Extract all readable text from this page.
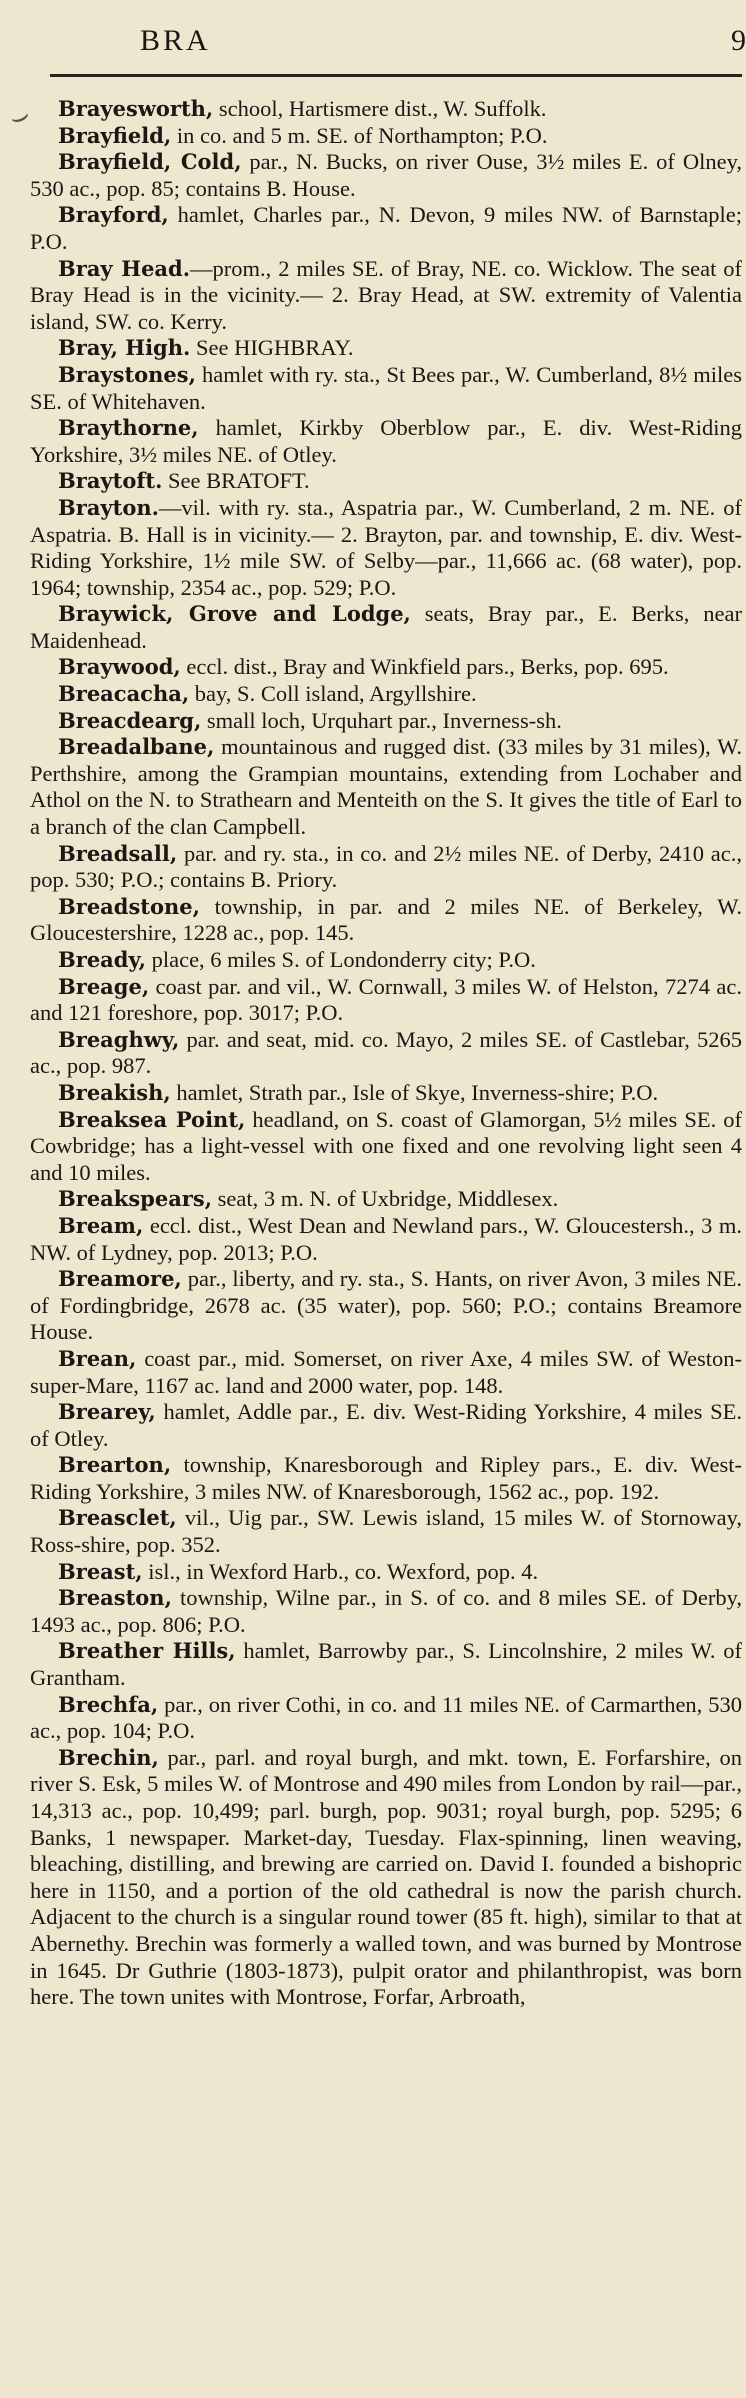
BRA	9
⌣	Brayesworth, school, Hartismere dist., W. Suffolk.

Brayfield, in co. and 5 m. SE. of Northampton; P.O.

Brayfield, Cold, par., N. Bucks, on river Ouse, 3½ miles E. of Olney, 530 ac., pop. 85; contains B. House.

Brayford, hamlet, Charles par., N. Devon, 9 miles NW. of Barnstaple; P.O.

Bray Head.—prom., 2 miles SE. of Bray, NE. co. Wicklow. The seat of Bray Head is in the vicinity.— 2. Bray Head, at SW. extremity of Valentia island, SW. co. Kerry.

Bray, High. See HIGHBRAY.

Braystones, hamlet with ry. sta., St Bees par., W. Cumberland, 8½ miles SE. of Whitehaven.

Braythorne, hamlet, Kirkby Oberblow par., E. div. West-Riding Yorkshire, 3½ miles NE. of Otley.

Braytoft. See BRATOFT.

Brayton.—vil. with ry. sta., Aspatria par., W. Cumberland, 2 m. NE. of Aspatria. B. Hall is in vicinity.— 2. Brayton, par. and township, E. div. West-Riding Yorkshire, 1½ mile SW. of Selby—par., 11,666 ac. (68 water), pop. 1964; township, 2354 ac., pop. 529; P.O.

Braywick, Grove and Lodge, seats, Bray par., E. Berks, near Maidenhead.

Braywood, eccl. dist., Bray and Winkfield pars., Berks, pop. 695.

Breacacha, bay, S. Coll island, Argyllshire.

Breacdearg, small loch, Urquhart par., Inverness-sh.

Breadalbane, mountainous and rugged dist. (33 miles by 31 miles), W. Perthshire, among the Grampian mountains, extending from Lochaber and Athol on the N. to Strathearn and Menteith on the S. It gives the title of Earl to a branch of the clan Campbell.

Breadsall, par. and ry. sta., in co. and 2½ miles NE. of Derby, 2410 ac., pop. 530; P.O.; contains B. Priory.

Breadstone, township, in par. and 2 miles NE. of Berkeley, W. Gloucestershire, 1228 ac., pop. 145.

Bready, place, 6 miles S. of Londonderry city; P.O.

Breage, coast par. and vil., W. Cornwall, 3 miles W. of Helston, 7274 ac. and 121 foreshore, pop. 3017; P.O.

Breaghwy, par. and seat, mid. co. Mayo, 2 miles SE. of Castlebar, 5265 ac., pop. 987.

Breakish, hamlet, Strath par., Isle of Skye, Inverness-shire; P.O.

Breaksea Point, headland, on S. coast of Glamorgan, 5½ miles SE. of Cowbridge; has a light-vessel with one fixed and one revolving light seen 4 and 10 miles.

Breakspears, seat, 3 m. N. of Uxbridge, Middlesex.

Bream, eccl. dist., West Dean and Newland pars., W. Gloucestersh., 3 m. NW. of Lydney, pop. 2013; P.O.

Breamore, par., liberty, and ry. sta., S. Hants, on river Avon, 3 miles NE. of Fordingbridge, 2678 ac. (35 water), pop. 560; P.O.; contains Breamore House.

Brean, coast par., mid. Somerset, on river Axe, 4 miles SW. of Weston-super-Mare, 1167 ac. land and 2000 water, pop. 148.

Brearey, hamlet, Addle par., E. div. West-Riding Yorkshire, 4 miles SE. of Otley.

Brearton, township, Knaresborough and Ripley pars., E. div. West-Riding Yorkshire, 3 miles NW. of Knaresborough, 1562 ac., pop. 192.

Breasclet, vil., Uig par., SW. Lewis island, 15 miles W. of Stornoway, Ross-shire, pop. 352.

Breast, isl., in Wexford Harb., co. Wexford, pop. 4.

Breaston, township, Wilne par., in S. of co. and 8 miles SE. of Derby, 1493 ac., pop. 806; P.O.

Breather Hills, hamlet, Barrowby par., S. Lincolnshire, 2 miles W. of Grantham.

Brechfa, par., on river Cothi, in co. and 11 miles NE. of Carmarthen, 530 ac., pop. 104; P.O.

Brechin, par., parl. and royal burgh, and mkt. town, E. Forfarshire, on river S. Esk, 5 miles W. of Montrose and 490 miles from London by rail—par., 14,313 ac., pop. 10,499; parl. burgh, pop. 9031; royal burgh, pop. 5295; 6 Banks, 1 newspaper. Market-day, Tuesday. Flax-spinning, linen weaving, bleaching, distilling, and brewing are carried on. David I. founded a bishopric here in 1150, and a portion of the old cathedral is now the parish church. Adjacent to the church is a singular round tower (85 ft. high), similar to that at Abernethy. Brechin was formerly a walled town, and was burned by Montrose in 1645. Dr Guthrie (1803-1873), pulpit orator and philanthropist, was born here. The town unites with Montrose, Forfar, Arbroath,
